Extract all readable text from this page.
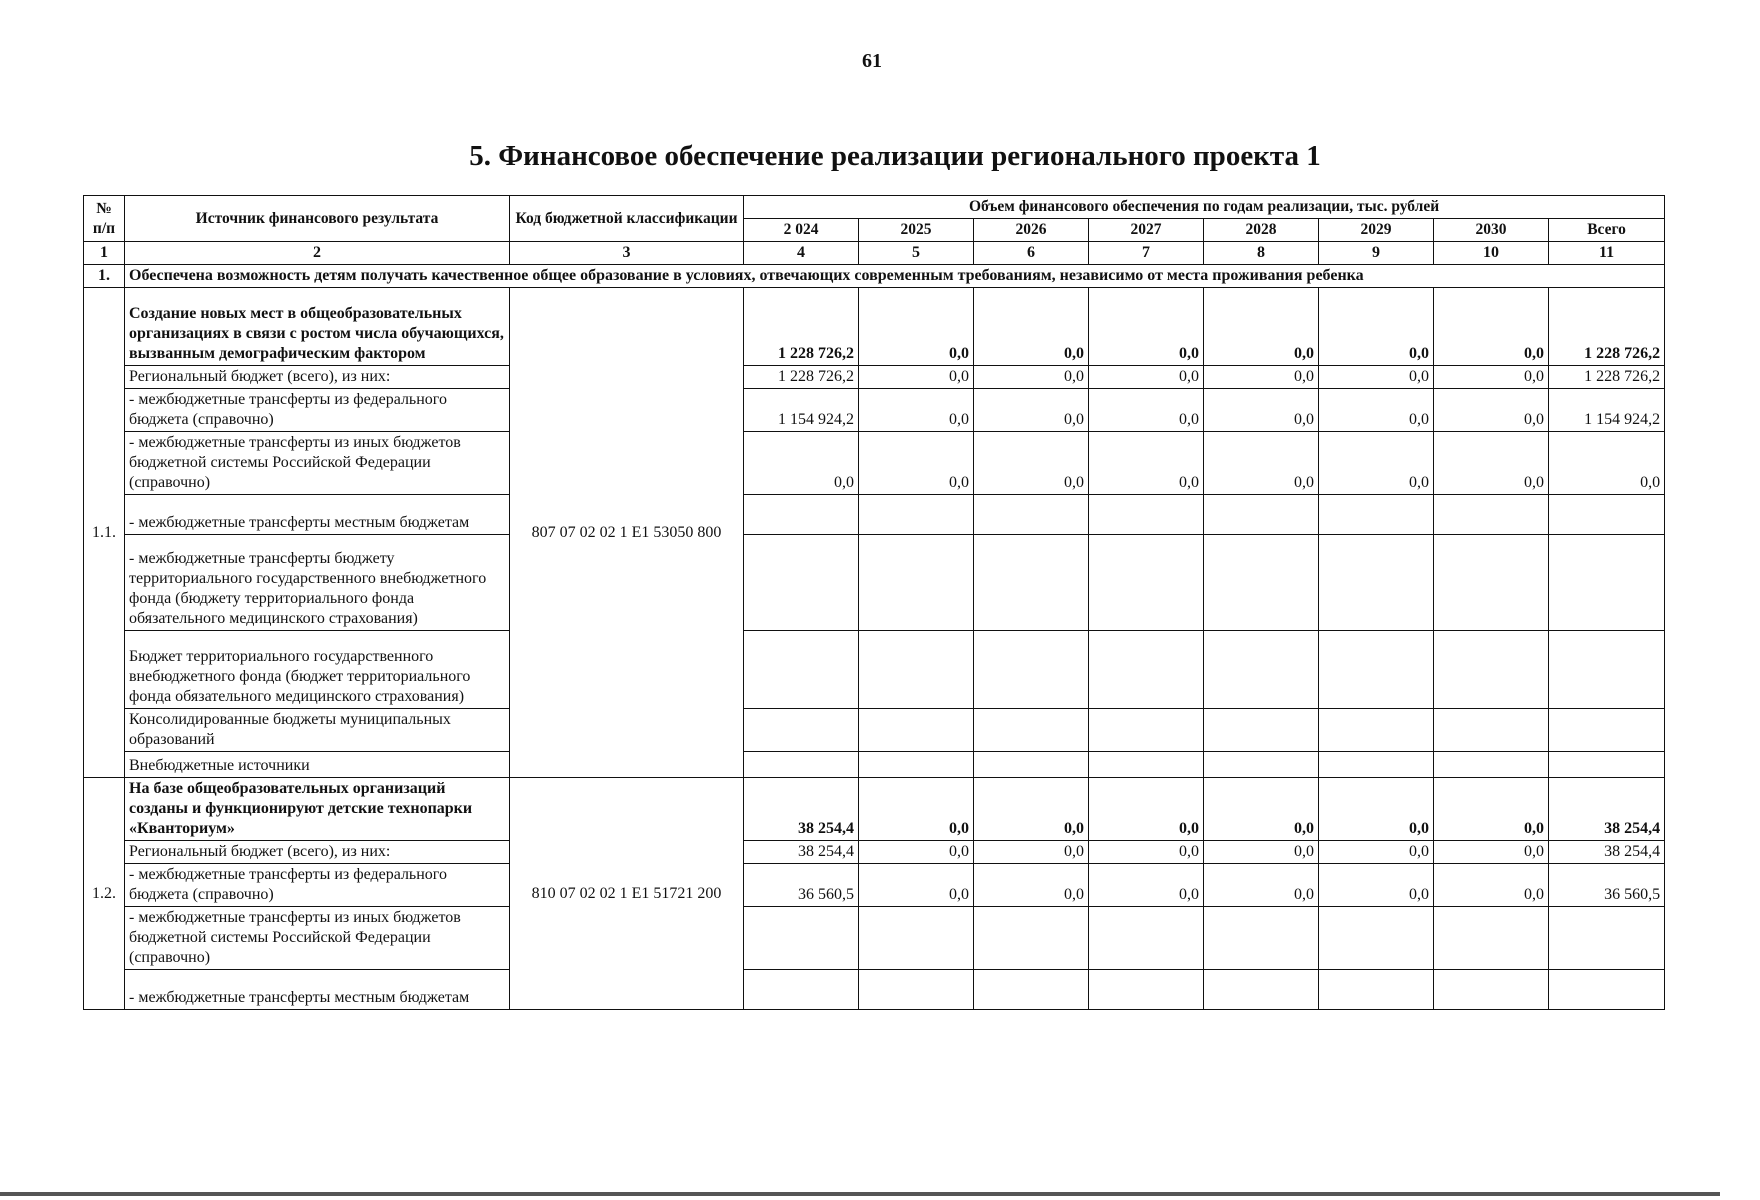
61
5. Финансовое обеспечение реализации регионального проекта 1
№ п/п	Источник финансового результата	Код бюджетной классификации	Объем финансового обеспечения по годам реализации, тыс. рублей							
			2 024	2025	2026	2027	2028	2029	2030	Всего
1	2	3	4	5	6	7	8	9	10	11
1.	Обеспечена возможность детям получать качественное общее образование в условиях, отвечающих современным требованиям, независимо от места проживания ребенка									
1.1.	Создание новых мест в общеобразовательных организациях в связи с ростом числа обучающихся, вызванным демографическим фактором	807 07 02 02 1 E1 53050 800	1 228 726,2	0,0	0,0	0,0	0,0	0,0	0,0	1 228 726,2
	Региональный бюджет (всего), из них:		1 228 726,2	0,0	0,0	0,0	0,0	0,0	0,0	1 228 726,2
	- межбюджетные трансферты из федерального бюджета (справочно)		1 154 924,2	0,0	0,0	0,0	0,0	0,0	0,0	1 154 924,2
	- межбюджетные трансферты из иных бюджетов бюджетной системы Российской Федерации (справочно)		0,0	0,0	0,0	0,0	0,0	0,0	0,0	0,0
	- межбюджетные трансферты местным бюджетам									
	- межбюджетные трансферты бюджету территориального государственного внебюджетного фонда (бюджету территориального фонда обязательного медицинского страхования)									
	Бюджет территориального государственного внебюджетного фонда (бюджет территориального фонда обязательного медицинского страхования)									
	Консолидированные бюджеты муниципальных образований									
	Внебюджетные источники									
1.2.	На базе общеобразовательных организаций созданы и функционируют детские технопарки «Кванториум»	810 07 02 02 1 E1 51721 200	38 254,4	0,0	0,0	0,0	0,0	0,0	0,0	38 254,4
	Региональный бюджет (всего), из них:		38 254,4	0,0	0,0	0,0	0,0	0,0	0,0	38 254,4
	- межбюджетные трансферты из федерального бюджета (справочно)		36 560,5	0,0	0,0	0,0	0,0	0,0	0,0	36 560,5
	- межбюджетные трансферты из иных бюджетов бюджетной системы Российской Федерации (справочно)									
	- межбюджетные трансферты местным бюджетам									
